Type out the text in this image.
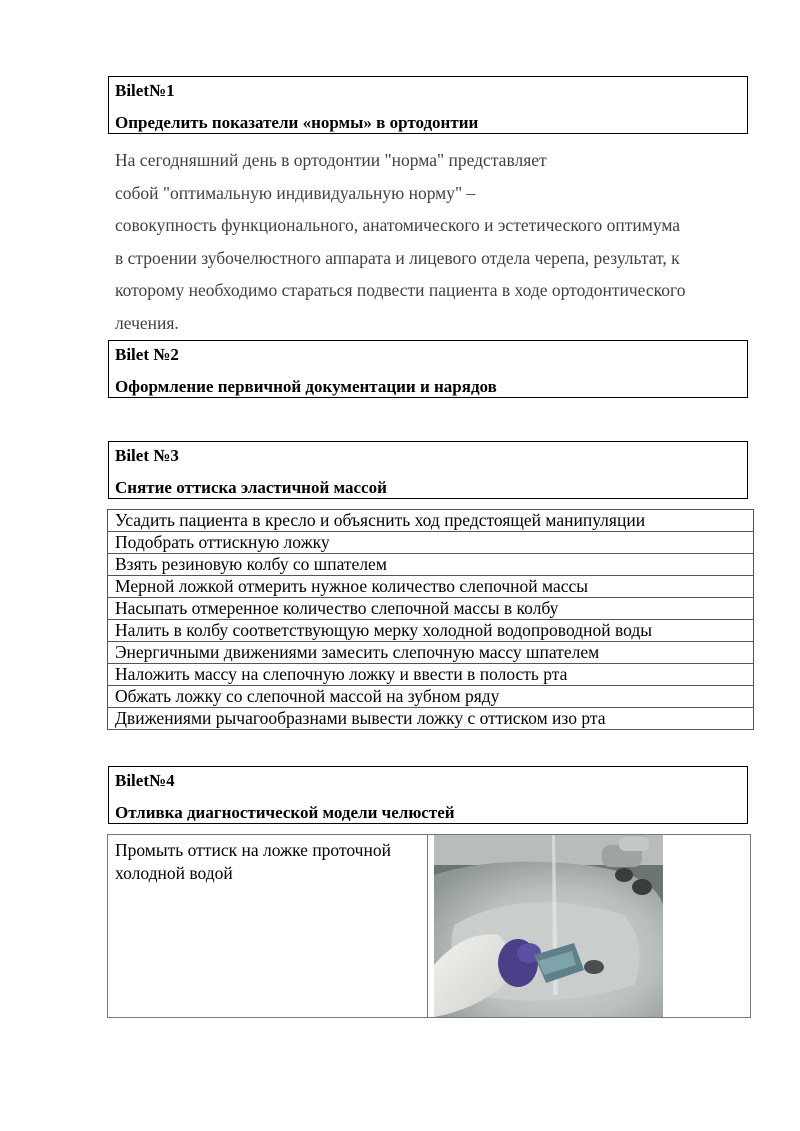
Bilet№1
Определить показатели «нормы» в ортодонтии
На сегодняшний день в ортодонтии "норма" представляет
собой "оптимальную индивидуальную норму" –
совокупность функционального, анатомического и эстетического оптимума
в строении зубочелюстного аппарата и лицевого отдела черепа, результат, к
которому необходимо стараться подвести пациента в ходе ортодонтического
лечения.
Bilet №2
Оформление первичной документации и нарядов
Bilet №3
Снятие оттиска эластичной массой
Усадить пациента в кресло и объяснить ход предстоящей манипуляции
Подобрать оттискную ложку
Взять резиновую колбу со шпателем
Мерной ложкой отмерить нужное количество слепочной массы
Насыпать отмеренное количество слепочной массы в колбу
Налить в колбу соответствующую мерку холодной водопроводной воды
Энергичными движениями замесить слепочную массу шпателем
Наложить массу на слепочную ложку и ввести в полость рта
Обжать ложку со слепочной массой на зубном ряду
Движениями рычагообразнами вывести ложку с оттиском изо рта
Bilet№4
Отливка диагностической модели челюстей
Промыть оттиск на ложке проточной холодной водой	
